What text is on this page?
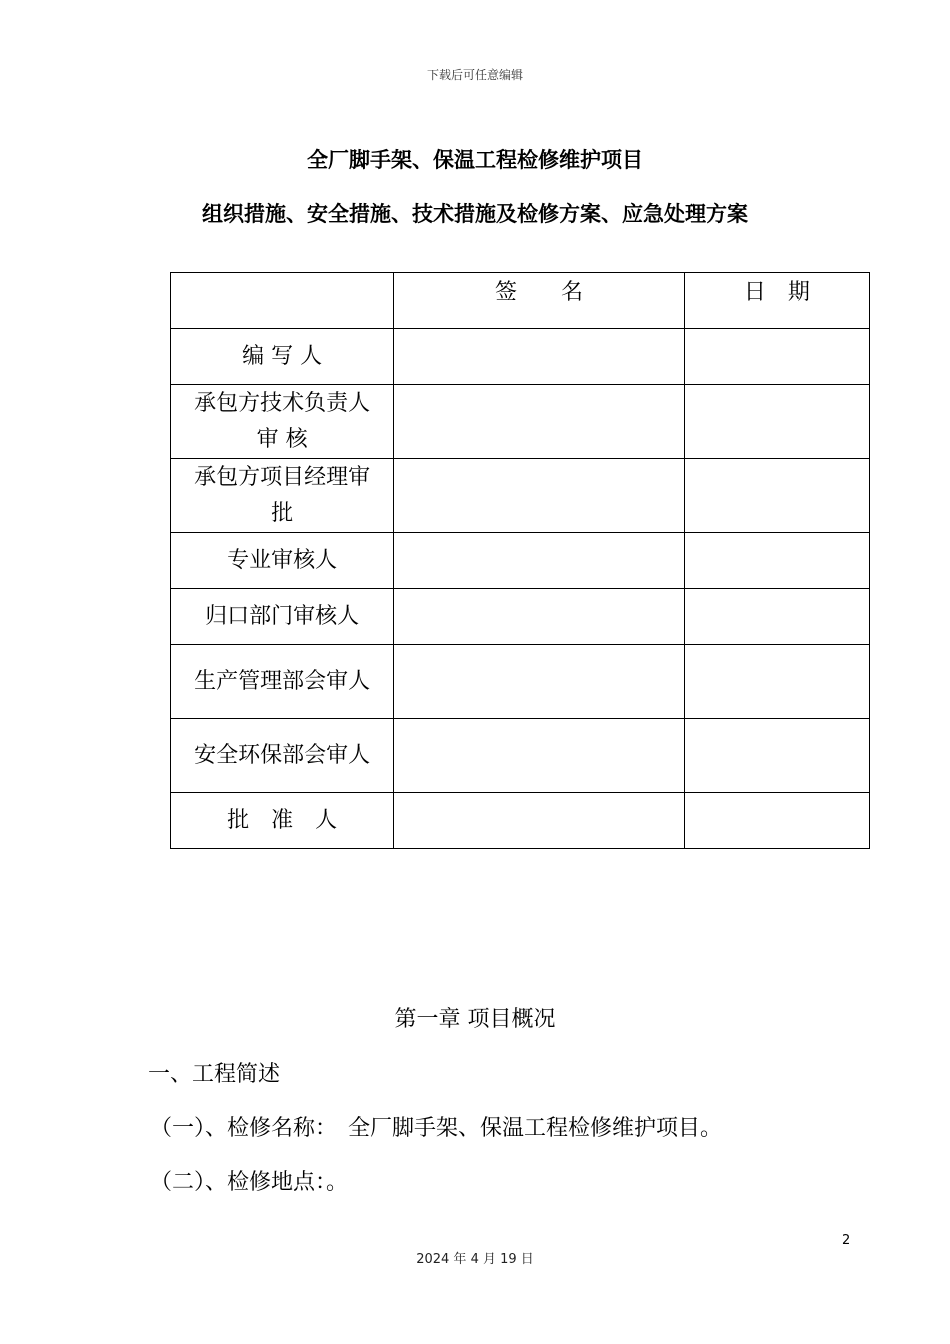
下载后可任意编辑
全厂脚手架、保温工程检修维护项目
组织措施、安全措施、技术措施及检修方案、应急处理方案
	签　　名	日　期
编 写 人		
承包方技术负责人审 核		
承包方项目经理审批		
专业审核人		
归口部门审核人		
生产管理部会审人		
安全环保部会审人		
批　准　人		
第一章 项目概况
一、工程简述
（一）、检修名称：　全厂脚手架、保温工程检修维护项目。
（二）、检修地点：。
2
2024 年 4 月 19 日
